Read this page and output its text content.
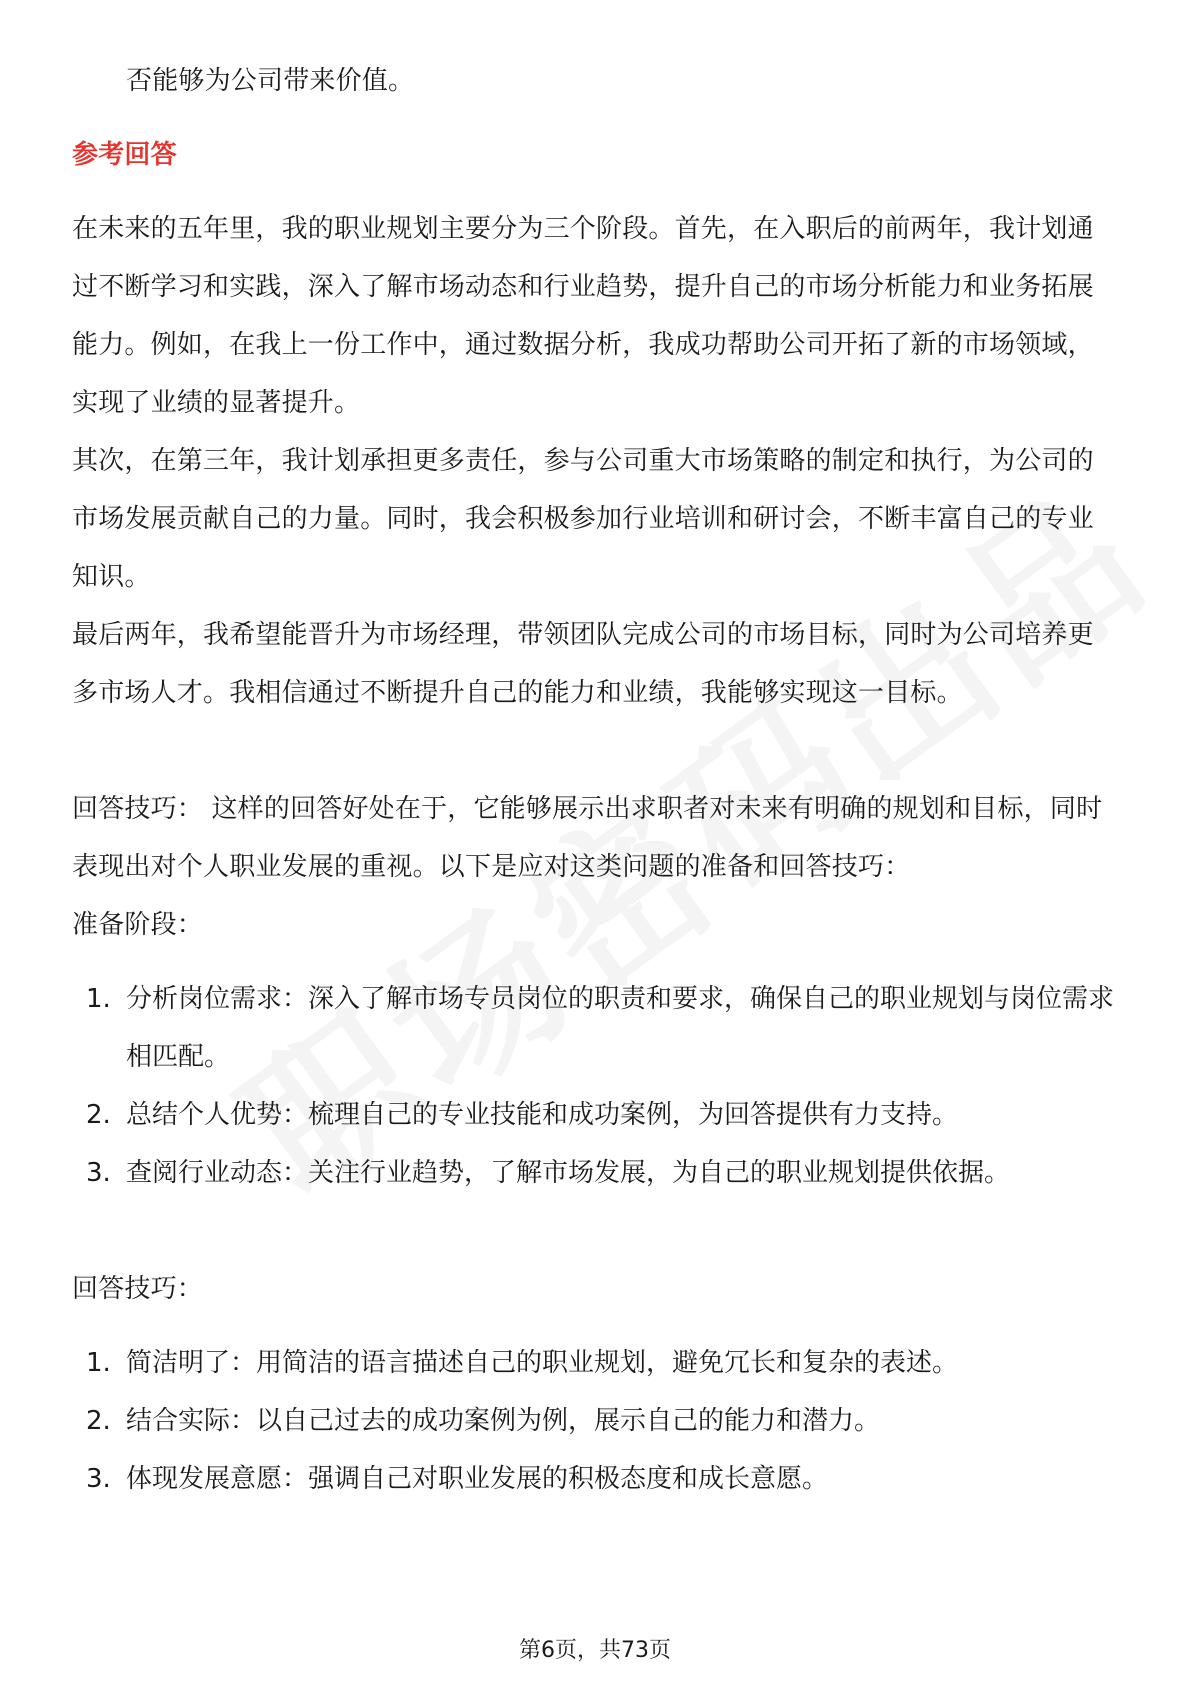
否能够为公司带来价值。
参考回答
在未来的五年里，我的职业规划主要分为三个阶段。首先，在入职后的前两年，我计划通过不断学习和实践，深入了解市场动态和行业趋势，提升自己的市场分析能力和业务拓展能力。例如，在我上一份工作中，通过数据分析，我成功帮助公司开拓了新的市场领域，实现了业绩的显著提升。
其次，在第三年，我计划承担更多责任，参与公司重大市场策略的制定和执行，为公司的市场发展贡献自己的力量。同时，我会积极参加行业培训和研讨会，不断丰富自己的专业知识。
最后两年，我希望能晋升为市场经理，带领团队完成公司的市场目标，同时为公司培养更多市场人才。我相信通过不断提升自己的能力和业绩，我能够实现这一目标。
回答技巧： 这样的回答好处在于，它能够展示出求职者对未来有明确的规划和目标，同时表现出对个人职业发展的重视。以下是应对这类问题的准备和回答技巧：
准备阶段：
1. 分析岗位需求：深入了解市场专员岗位的职责和要求，确保自己的职业规划与岗位需求相匹配。
2. 总结个人优势：梳理自己的专业技能和成功案例，为回答提供有力支持。
3. 查阅行业动态：关注行业趋势，了解市场发展，为自己的职业规划提供依据。
回答技巧：
1. 简洁明了：用简洁的语言描述自己的职业规划，避免冗长和复杂的表述。
2. 结合实际：以自己过去的成功案例为例，展示自己的能力和潜力。
3. 体现发展意愿：强调自己对职业发展的积极态度和成长意愿。
第6页，共73页
